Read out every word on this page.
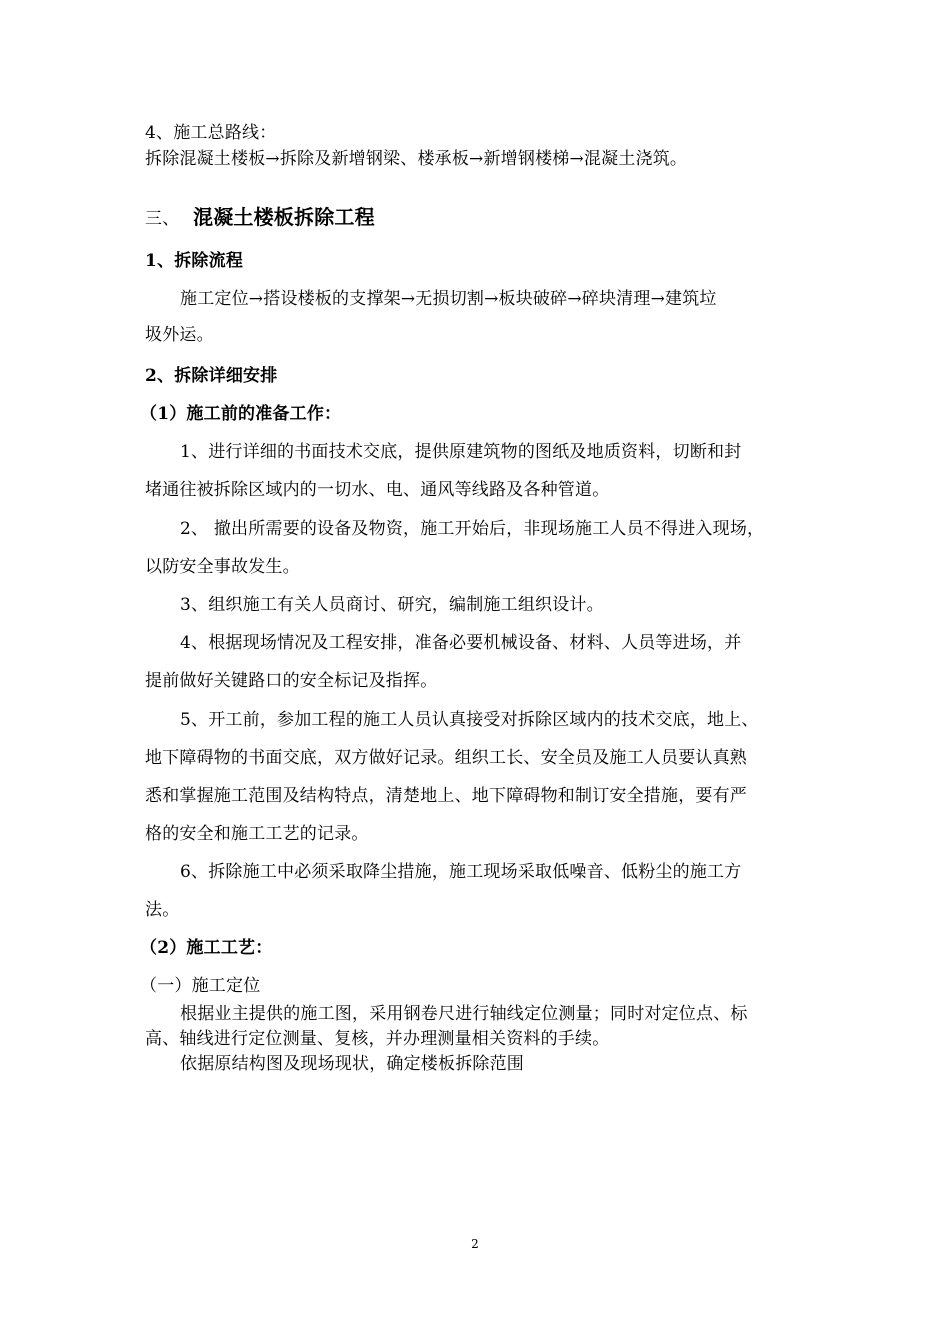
4、施工总路线：
拆除混凝土楼板→拆除及新增钢梁、楼承板→新增钢楼梯→混凝土浇筑。
三、 混凝土楼板拆除工程
1、拆除流程
施工定位→搭设楼板的支撑架→无损切割→板块破碎→碎块清理→建筑垃
圾外运。
2、拆除详细安排
（1）施工前的准备工作：
1、进行详细的书面技术交底，提供原建筑物的图纸及地质资料，切断和封
堵通往被拆除区域内的一切水、电、通风等线路及各种管道。
2、 撤出所需要的设备及物资，施工开始后，非现场施工人员不得进入现场，
以防安全事故发生。
3、组织施工有关人员商讨、研究，编制施工组织设计。
4、根据现场情况及工程安排，准备必要机械设备、材料、人员等进场，并
提前做好关键路口的安全标记及指挥。
5、开工前，参加工程的施工人员认真接受对拆除区域内的技术交底，地上、
地下障碍物的书面交底，双方做好记录。组织工长、安全员及施工人员要认真熟
悉和掌握施工范围及结构特点，清楚地上、地下障碍物和制订安全措施，要有严
格的安全和施工工艺的记录。
6、拆除施工中必须采取降尘措施，施工现场采取低噪音、低粉尘的施工方
法。
（2）施工工艺：
（一）施工定位
根据业主提供的施工图，采用钢卷尺进行轴线定位测量；同时对定位点、标
高、轴线进行定位测量、复核，并办理测量相关资料的手续。
依据原结构图及现场现状，确定楼板拆除范围
2
